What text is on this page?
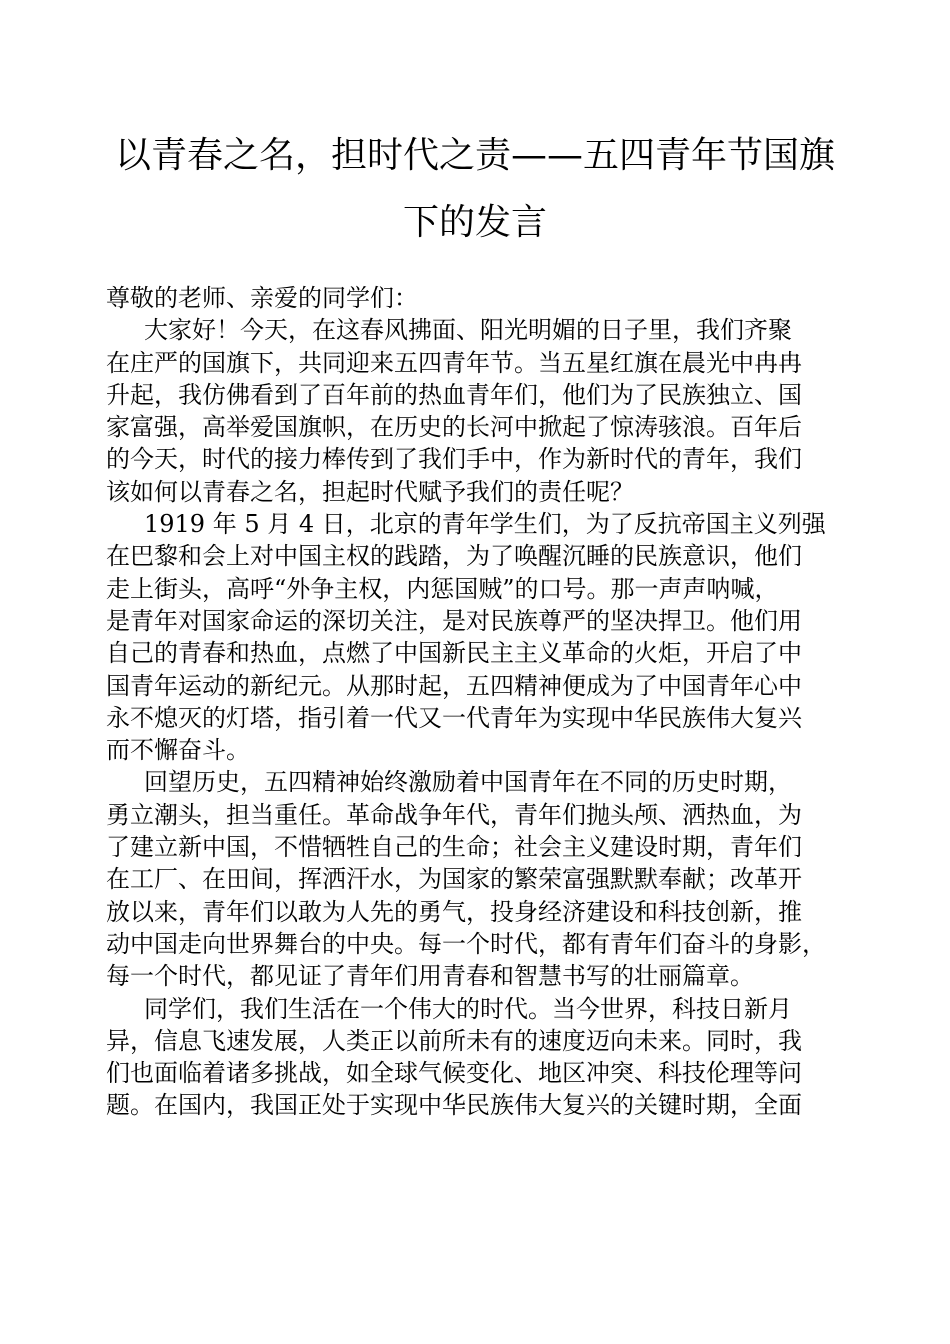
以青春之名，担时代之责——五四青年节国旗
下的发言
尊敬的老师、亲爱的同学们：
大家好！今天，在这春风拂面、阳光明媚的日子里，我们齐聚
在庄严的国旗下，共同迎来五四青年节。当五星红旗在晨光中冉冉
升起，我仿佛看到了百年前的热血青年们，他们为了民族独立、国
家富强，高举爱国旗帜，在历史的长河中掀起了惊涛骇浪。百年后
的今天，时代的接力棒传到了我们手中，作为新时代的青年，我们
该如何以青春之名，担起时代赋予我们的责任呢？
1919 年 5 月 4 日，北京的青年学生们，为了反抗帝国主义列强
在巴黎和会上对中国主权的践踏，为了唤醒沉睡的民族意识，他们
走上街头，高呼“外争主权，内惩国贼”的口号。那一声声呐喊，
是青年对国家命运的深切关注，是对民族尊严的坚决捍卫。他们用
自己的青春和热血，点燃了中国新民主主义革命的火炬，开启了中
国青年运动的新纪元。从那时起，五四精神便成为了中国青年心中
永不熄灭的灯塔，指引着一代又一代青年为实现中华民族伟大复兴
而不懈奋斗。
回望历史，五四精神始终激励着中国青年在不同的历史时期，
勇立潮头，担当重任。革命战争年代，青年们抛头颅、洒热血，为
了建立新中国，不惜牺牲自己的生命；社会主义建设时期，青年们
在工厂、在田间，挥洒汗水，为国家的繁荣富强默默奉献；改革开
放以来，青年们以敢为人先的勇气，投身经济建设和科技创新，推
动中国走向世界舞台的中央。每一个时代，都有青年们奋斗的身影，
每一个时代，都见证了青年们用青春和智慧书写的壮丽篇章。
同学们，我们生活在一个伟大的时代。当今世界，科技日新月
异，信息飞速发展，人类正以前所未有的速度迈向未来。同时，我
们也面临着诸多挑战，如全球气候变化、地区冲突、科技伦理等问
题。在国内，我国正处于实现中华民族伟大复兴的关键时期，全面
